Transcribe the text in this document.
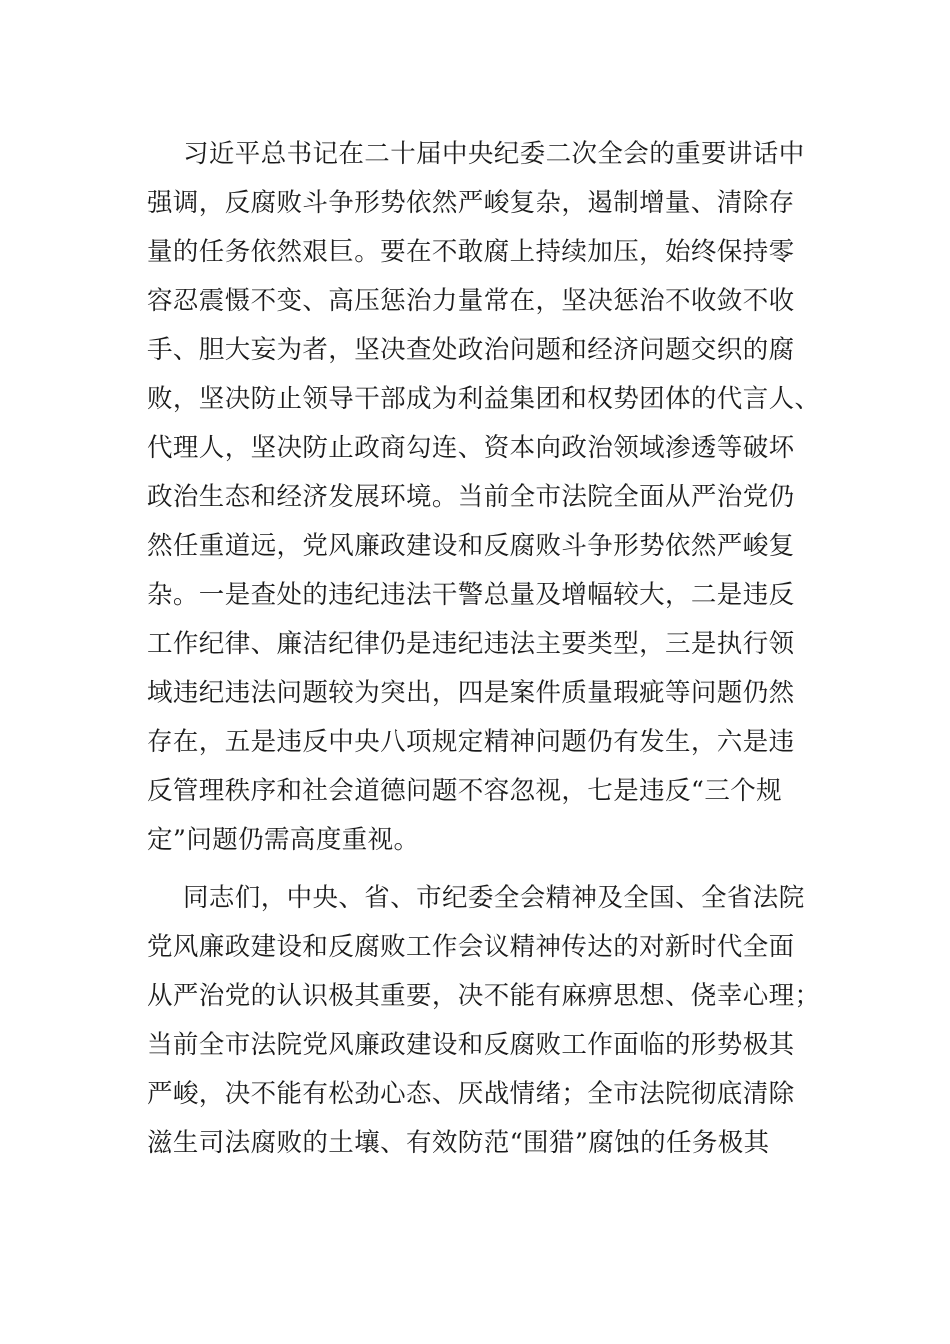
习近平总书记在二十届中央纪委二次全会的重要讲话中
强调，反腐败斗争形势依然严峻复杂，遏制增量、清除存
量的任务依然艰巨。要在不敢腐上持续加压，始终保持零
容忍震慑不变、高压惩治力量常在，坚决惩治不收敛不收
手、胆大妄为者，坚决查处政治问题和经济问题交织的腐
败，坚决防止领导干部成为利益集团和权势团体的代言人、
代理人，坚决防止政商勾连、资本向政治领域渗透等破坏
政治生态和经济发展环境。当前全市法院全面从严治党仍
然任重道远，党风廉政建设和反腐败斗争形势依然严峻复
杂。一是查处的违纪违法干警总量及增幅较大，二是违反
工作纪律、廉洁纪律仍是违纪违法主要类型，三是执行领
域违纪违法问题较为突出，四是案件质量瑕疵等问题仍然
存在，五是违反中央八项规定精神问题仍有发生，六是违
反管理秩序和社会道德问题不容忽视，七是违反“三个规
定”问题仍需高度重视。

同志们，中央、省、市纪委全会精神及全国、全省法院
党风廉政建设和反腐败工作会议精神传达的对新时代全面
从严治党的认识极其重要，决不能有麻痹思想、侥幸心理；
当前全市法院党风廉政建设和反腐败工作面临的形势极其
严峻，决不能有松劲心态、厌战情绪；全市法院彻底清除
滋生司法腐败的土壤、有效防范“围猎”腐蚀的任务极其
